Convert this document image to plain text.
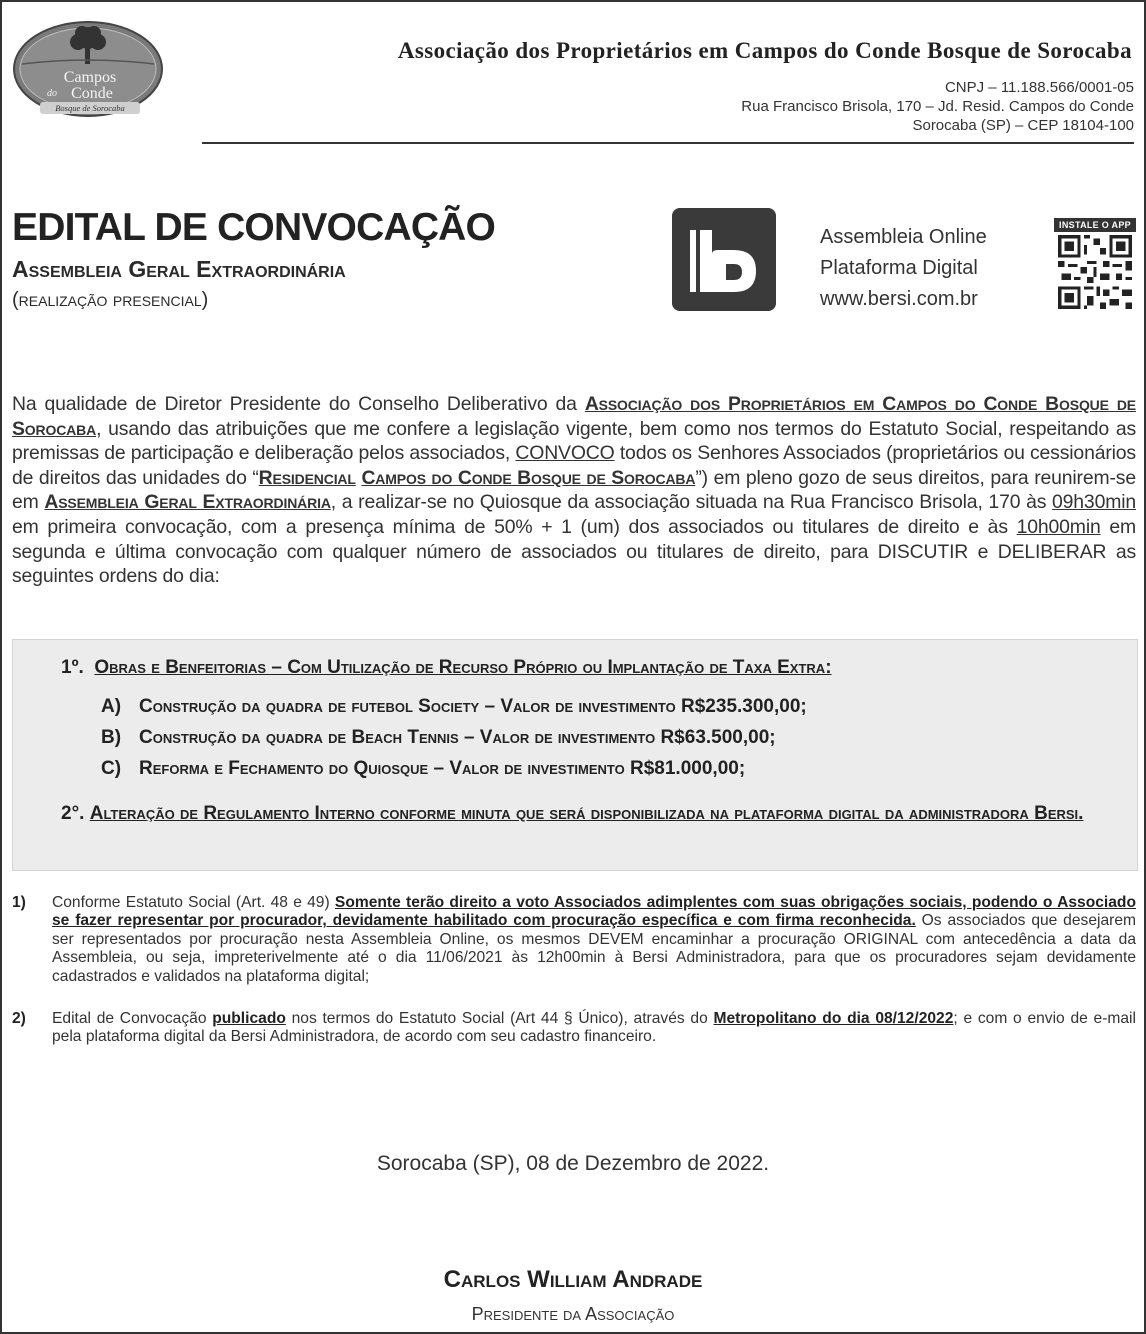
Campos
do Conde
Bosque de Sorocaba
Associação dos Proprietários em Campos do Conde Bosque de Sorocaba
CNPJ – 11.188.566/0001-05
Rua Francisco Brisola, 170 – Jd. Resid. Campos do Conde
Sorocaba (SP) – CEP 18104-100
EDITAL DE CONVOCAÇÃO
Assembleia Geral Extraordinária
(realização presencial)
Assembleia Online
Plataforma Digital
www.bersi.com.br
INSTALE O APP
Na qualidade de Diretor Presidente do Conselho Deliberativo da Associação dos Proprietários em Campos do Conde Bosque de Sorocaba, usando das atribuições que me confere a legislação vigente, bem como nos termos do Estatuto Social, respeitando as premissas de participação e deliberação pelos associados, CONVOCO todos os Senhores Associados (proprietários ou cessionários de direitos das unidades do “Residencial Campos do Conde Bosque de Sorocaba”) em pleno gozo de seus direitos, para reunirem-se em Assembleia Geral Extraordinária, a realizar-se no Quiosque da associação situada na Rua Francisco Brisola, 170 às 09h30min em primeira convocação, com a presença mínima de 50% + 1 (um) dos associados ou titulares de direito e às 10h00min em segunda e última convocação com qualquer número de associados ou titulares de direito, para DISCUTIR e DELIBERAR as seguintes ordens do dia:
1º. Obras e Benfeitorias – Com Utilização de Recurso Próprio ou Implantação de Taxa Extra:
A) Construção da quadra de futebol Society – Valor de investimento R$235.300,00;
B) Construção da quadra de Beach Tennis – Valor de investimento R$63.500,00;
C) Reforma e Fechamento do Quiosque – Valor de investimento R$81.000,00;
2°. Alteração de Regulamento Interno conforme minuta que será disponibilizada na plataforma digital da administradora Bersi.
1) Conforme Estatuto Social (Art. 48 e 49) Somente terão direito a voto Associados adimplentes com suas obrigações sociais, podendo o Associado se fazer representar por procurador, devidamente habilitado com procuração específica e com firma reconhecida. Os associados que desejarem ser representados por procuração nesta Assembleia Online, os mesmos DEVEM encaminhar a procuração ORIGINAL com antecedência a data da Assembleia, ou seja, impreterivelmente até o dia 11/06/2021 às 12h00min à Bersi Administradora, para que os procuradores sejam devidamente cadastrados e validados na plataforma digital;
2) Edital de Convocação publicado nos termos do Estatuto Social (Art 44 § Único), através do Metropolitano do dia 08/12/2022; e com o envio de e-mail pela plataforma digital da Bersi Administradora, de acordo com seu cadastro financeiro.
Sorocaba (SP), 08 de Dezembro de 2022.
Carlos William Andrade
Presidente da Associação
